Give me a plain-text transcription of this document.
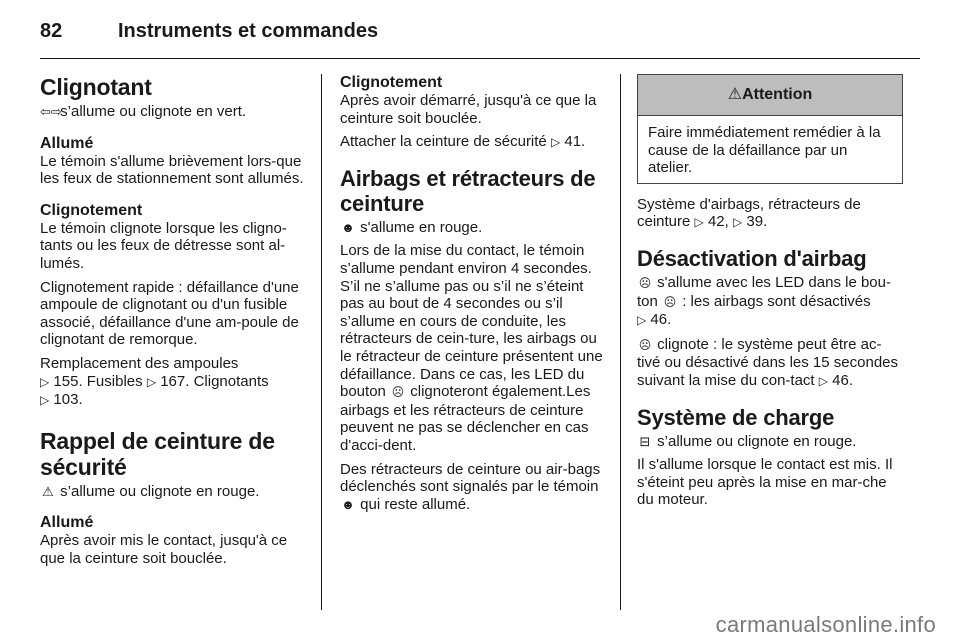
82	Instruments et commandes
Clignotant

⇦⇨ s’allume ou clignote en vert.

Allumé

Le témoin s'allume brièvement lors-que les feux de stationnement sont allumés.

Clignotement

Le témoin clignote lorsque les cligno-tants ou les feux de détresse sont al-lumés.

Clignotement rapide : défaillance d'une ampoule de clignotant ou d'un fusible associé, défaillance d'une am-poule de clignotant de remorque.

Remplacement des ampoules
▷ 155. Fusibles ▷ 167. Clignotants
▷ 103.

Rappel de ceinture de sécurité

⚠ s’allume ou clignote en rouge.

Allumé

Après avoir mis le contact, jusqu'à ce que la ceinture soit bouclée.

Clignotement

Après avoir démarré, jusqu'à ce que la ceinture soit bouclée.

Attacher la ceinture de sécurité ▷ 41.

Airbags et rétracteurs de ceinture

☻ s'allume en rouge.

Lors de la mise du contact, le témoin s’allume pendant environ 4 secondes. S’il ne s’allume pas ou s’il ne s’éteint pas au bout de 4 secondes ou s’il s’allume en cours de conduite, les rétracteurs de cein-ture, les airbags ou le rétracteur de ceinture présentent une défaillance. Dans ce cas, les LED du bouton ☹ clignoteront également.Les airbags et les rétracteurs de ceinture peuvent ne pas se déclencher en cas d'acci-dent.

Des rétracteurs de ceinture ou air-bags déclenchés sont signalés par le témoin ☻ qui reste allumé.

⚠Attention

Faire immédiatement remédier à la cause de la défaillance par un atelier.

Système d'airbags, rétracteurs de ceinture ▷ 42, ▷ 39.

Désactivation d'airbag

☹ s'allume avec les LED dans le bou-ton ☹ : les airbags sont désactivés
▷ 46.

☹ clignote : le système peut être ac-tivé ou désactivé dans les 15 secondes suivant la mise du con-tact ▷ 46.

Système de charge

⊟ s’allume ou clignote en rouge.

Il s'allume lorsque le contact est mis. Il s'éteint peu après la mise en mar-che du moteur.

carmanualsonline.info
